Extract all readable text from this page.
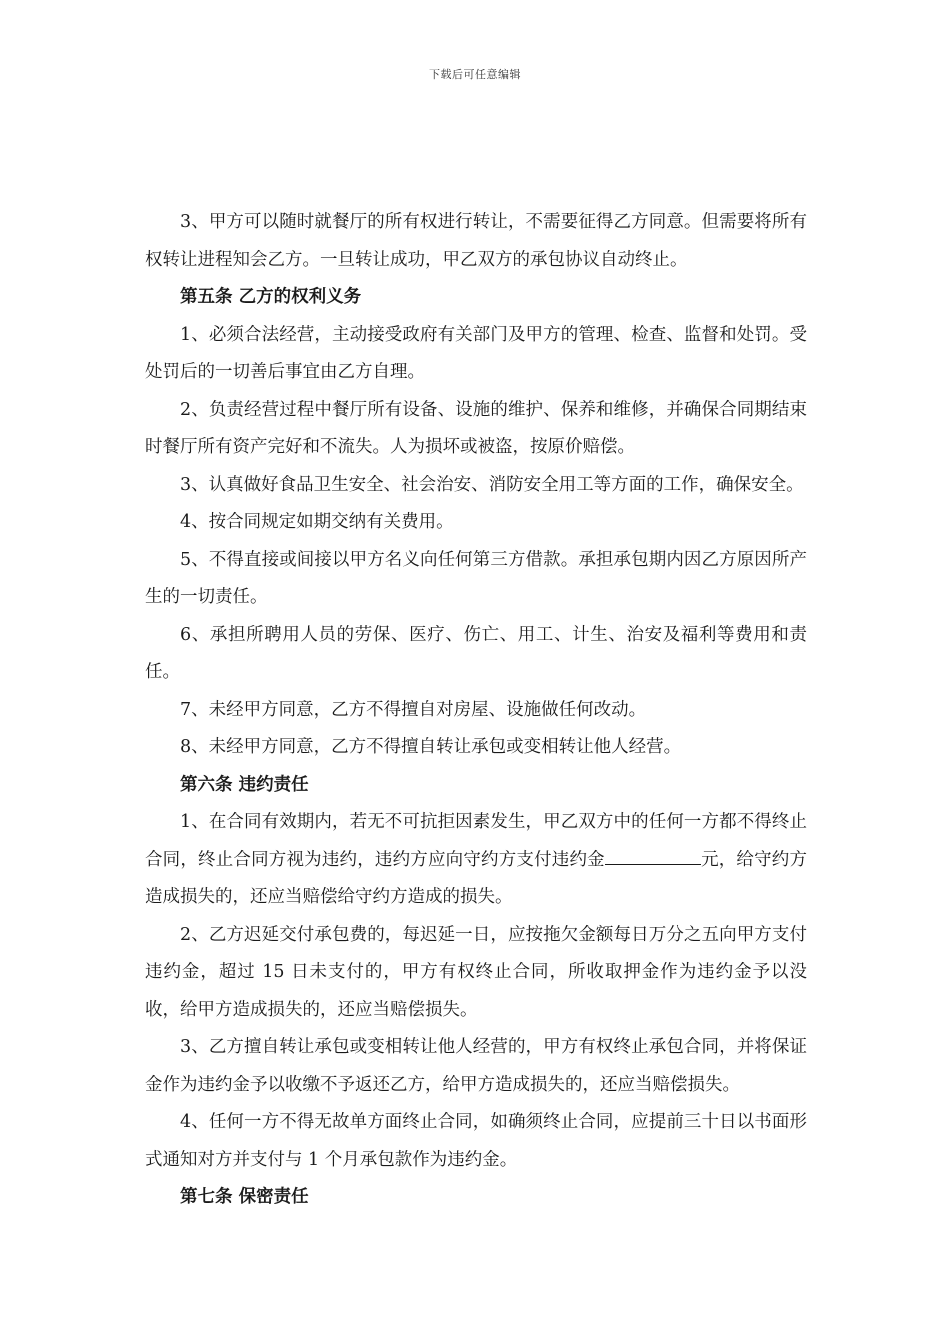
下载后可任意编辑

3、甲方可以随时就餐厅的所有权进行转让，不需要征得乙方同意。但需要将所有权转让进程知会乙方。一旦转让成功，甲乙双方的承包协议自动终止。

第五条 乙方的权利义务

1、必须合法经营，主动接受政府有关部门及甲方的管理、检查、监督和处罚。受处罚后的一切善后事宜由乙方自理。

2、负责经营过程中餐厅所有设备、设施的维护、保养和维修，并确保合同期结束时餐厅所有资产完好和不流失。人为损坏或被盗，按原价赔偿。

3、认真做好食品卫生安全、社会治安、消防安全用工等方面的工作，确保安全。

4、按合同规定如期交纳有关费用。

5、不得直接或间接以甲方名义向任何第三方借款。承担承包期内因乙方原因所产生的一切责任。

6、承担所聘用人员的劳保、医疗、伤亡、用工、计生、治安及福利等费用和责任。

7、未经甲方同意，乙方不得擅自对房屋、设施做任何改动。

8、未经甲方同意，乙方不得擅自转让承包或变相转让他人经营。

第六条 违约责任

1、在合同有效期内，若无不可抗拒因素发生，甲乙双方中的任何一方都不得终止合同，终止合同方视为违约，违约方应向守约方支付违约金	元，给守约方造成损失的，还应当赔偿给守约方造成的损失。

2、乙方迟延交付承包费的，每迟延一日，应按拖欠金额每日万分之五向甲方支付违约金，超过 15 日未支付的，甲方有权终止合同，所收取押金作为违约金予以没收，给甲方造成损失的，还应当赔偿损失。

3、乙方擅自转让承包或变相转让他人经营的，甲方有权终止承包合同，并将保证金作为违约金予以收缴不予返还乙方，给甲方造成损失的，还应当赔偿损失。

4、任何一方不得无故单方面终止合同，如确须终止合同，应提前三十日以书面形式通知对方并支付与 1 个月承包款作为违约金。

第七条 保密责任
